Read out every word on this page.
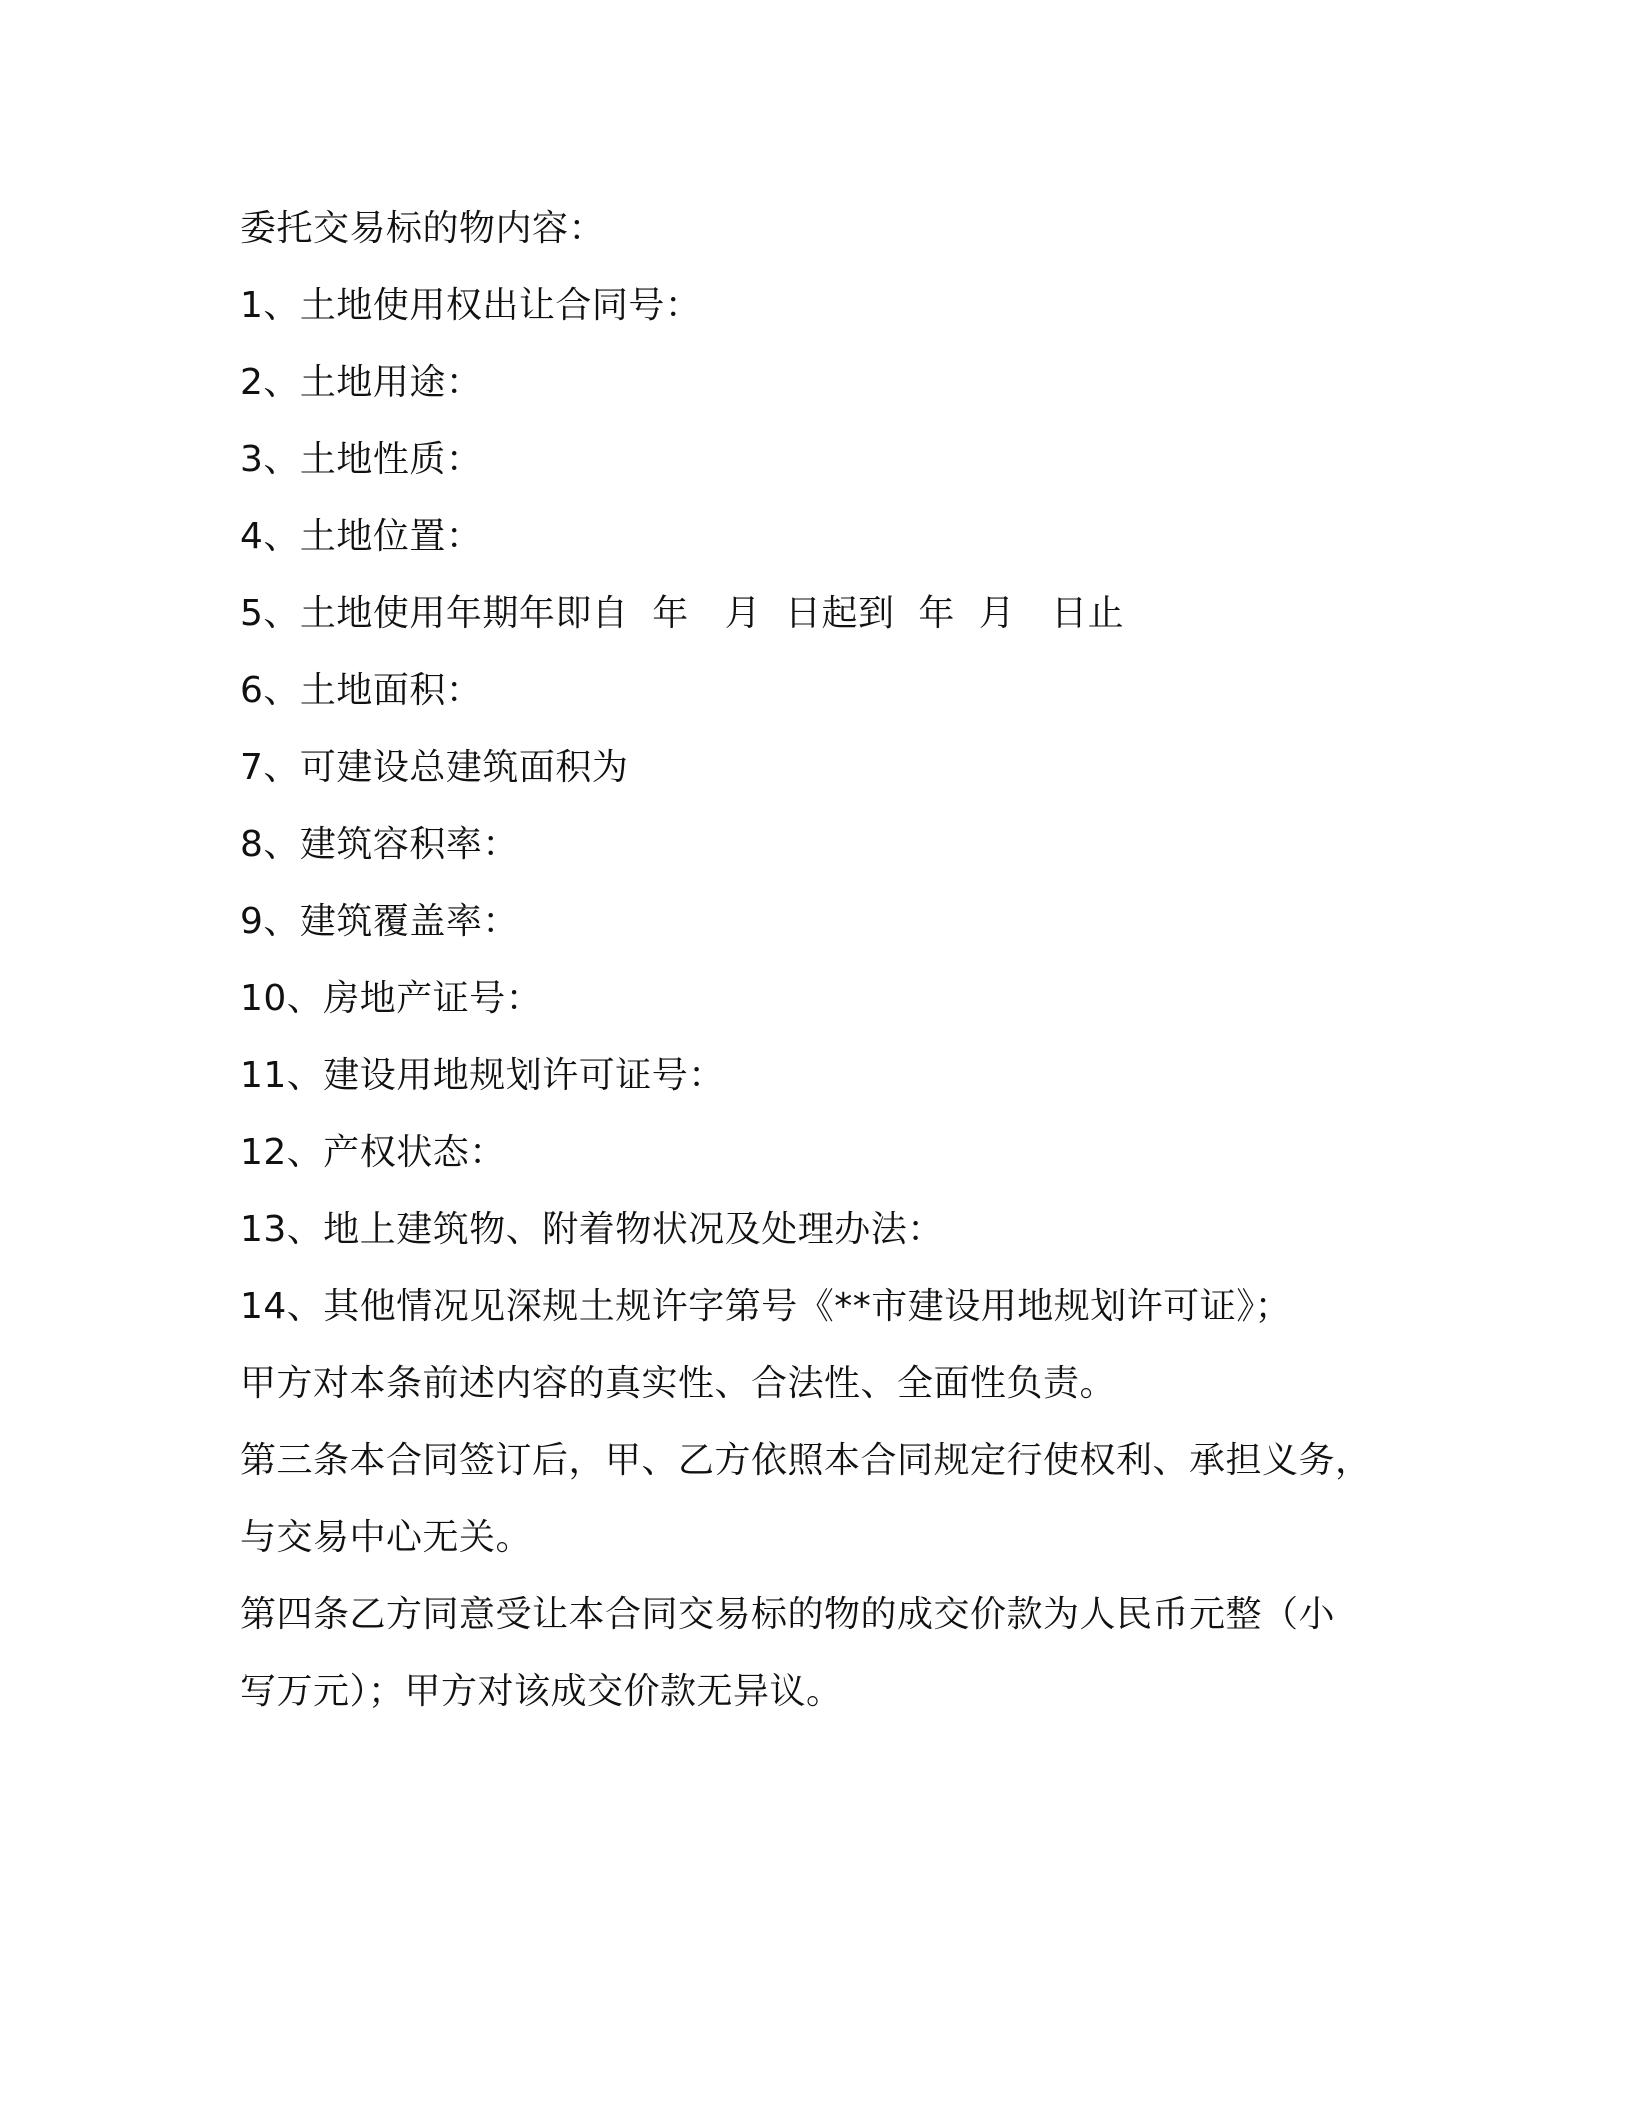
委托交易标的物内容：
1、土地使用权出让合同号：
2、土地用途：
3、土地性质：
4、土地位置：
5、土地使用年期年即自  年   月  日起到  年  月   日止
6、土地面积：
7、可建设总建筑面积为
8、建筑容积率：
9、建筑覆盖率：
10、房地产证号：
11、建设用地规划许可证号：
12、产权状态：
13、地上建筑物、附着物状况及处理办法：
14、其他情况见深规土规许字第号《**市建设用地规划许可证》；
甲方对本条前述内容的真实性、合法性、全面性负责。
第三条本合同签订后，甲、乙方依照本合同规定行使权利、承担义务，
与交易中心无关。
第四条乙方同意受让本合同交易标的物的成交价款为人民币元整（小
写万元）；甲方对该成交价款无异议。
